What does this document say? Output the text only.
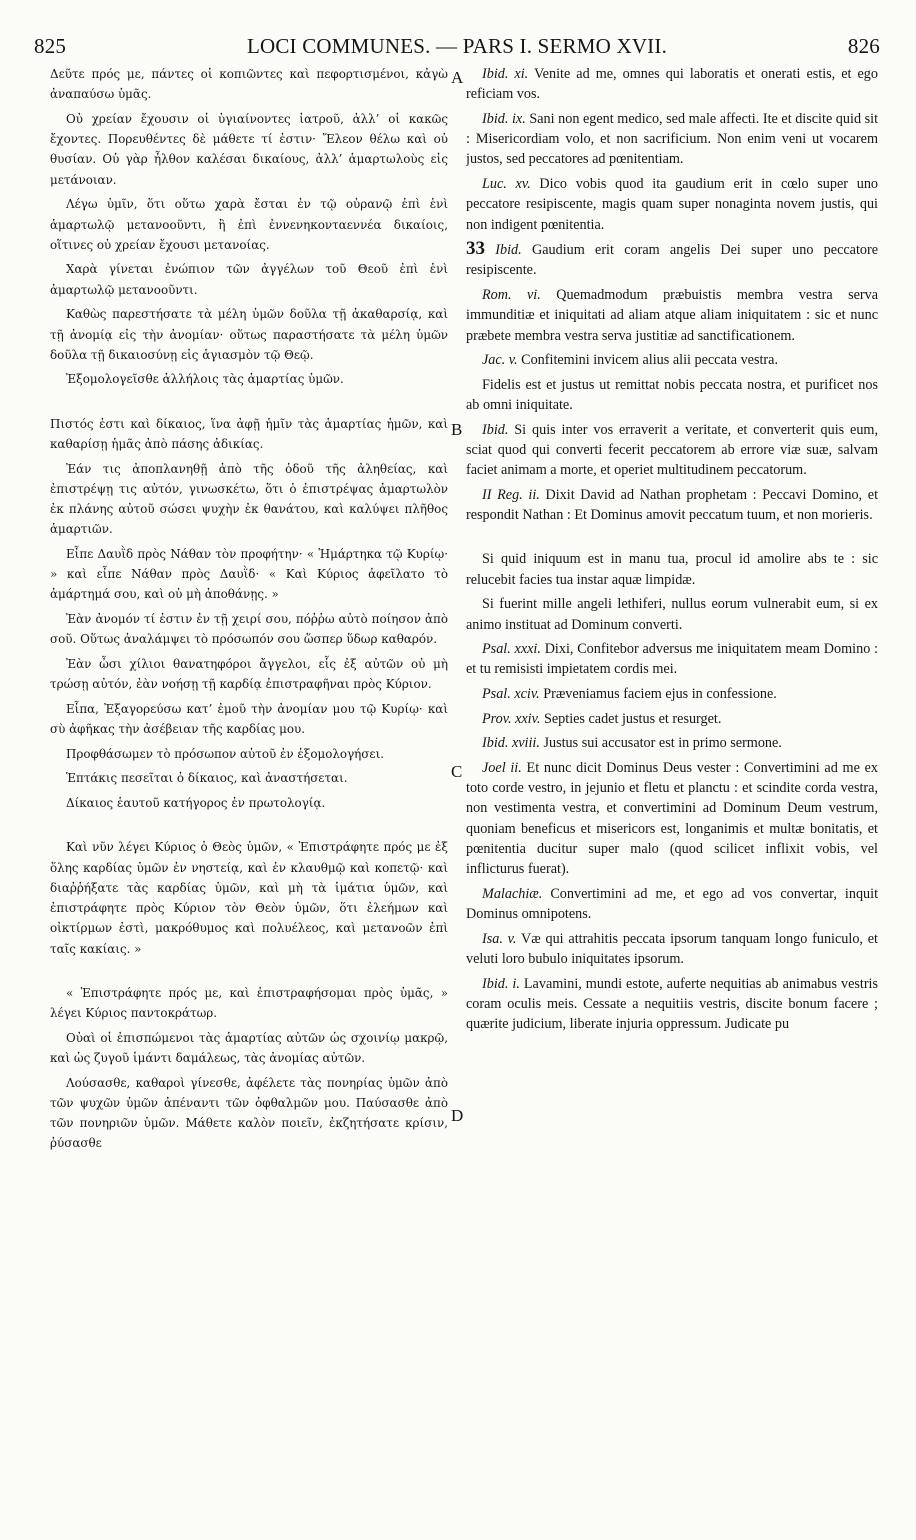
825	LOCI COMMUNES. — PARS I. SERMO XVII.	826
A
B
C
D

Δεῦτε πρός με, πάντες οἱ κοπιῶντες καὶ πεφορτισμένοι, κἀγὼ ἀναπαύσω ὑμᾶς.

Οὐ χρείαν ἔχουσιν οἱ ὑγιαίνοντες ἰατροῦ, ἀλλ’ οἱ κακῶς ἔχοντες. Πορευθέντες δὲ μάθετε τί ἐστιν· Ἔλεον θέλω καὶ οὐ θυσίαν. Οὐ γὰρ ἦλθον καλέσαι δικαίους, ἀλλ’ ἁμαρτωλοὺς εἰς μετάνοιαν.

Λέγω ὑμῖν, ὅτι οὕτω χαρὰ ἔσται ἐν τῷ οὐρανῷ ἐπὶ ἑνὶ ἁμαρτωλῷ μετανοοῦντι, ἢ ἐπὶ ἐννενηκονταεννέα δικαίοις, οἵτινες οὐ χρείαν ἔχουσι μετανοίας.

Χαρὰ γίνεται ἐνώπιον τῶν ἀγγέλων τοῦ Θεοῦ ἐπὶ ἑνὶ ἁμαρτωλῷ μετανοοῦντι.

Καθὼς παρεστήσατε τὰ μέλη ὑμῶν δοῦλα τῇ ἀκαθαρσίᾳ, καὶ τῇ ἀνομίᾳ εἰς τὴν ἀνομίαν· οὕτως παραστήσατε τὰ μέλη ὑμῶν δοῦλα τῇ δικαιοσύνῃ εἰς ἁγιασμὸν τῷ Θεῷ.

Ἐξομολογεῖσθε ἀλλήλοις τὰς ἁμαρτίας ὑμῶν.

Πιστός ἐστι καὶ δίκαιος, ἵνα ἀφῇ ἡμῖν τὰς ἁμαρτίας ἡμῶν, καὶ καθαρίσῃ ἡμᾶς ἀπὸ πάσης ἀδικίας.

Ἐάν τις ἀποπλανηθῇ ἀπὸ τῆς ὁδοῦ τῆς ἀληθείας, καὶ ἐπιστρέψῃ τις αὐτόν, γινωσκέτω, ὅτι ὁ ἐπιστρέψας ἁμαρτωλὸν ἐκ πλάνης αὐτοῦ σώσει ψυχὴν ἐκ θανάτου, καὶ καλύψει πλῆθος ἁμαρτιῶν.

Εἶπε Δαυῒδ πρὸς Νάθαν τὸν προφήτην· « Ἡμάρτηκα τῷ Κυρίῳ· » καὶ εἶπε Νάθαν πρὸς Δαυῒδ· « Καὶ Κύριος ἀφεῖλατο τὸ ἁμάρτημά σου, καὶ οὐ μὴ ἀποθάνῃς. »

Ἐὰν ἀνομόν τί ἐστιν ἐν τῇ χειρί σου, πόῤῥω αὐτὸ ποίησον ἀπὸ σοῦ. Οὕτως ἀναλάμψει τὸ πρόσωπόν σου ὥσπερ ὕδωρ καθαρόν.

Ἐὰν ὦσι χίλιοι θανατηφόροι ἄγγελοι, εἷς ἐξ αὐτῶν οὐ μὴ τρώσῃ αὐτόν, ἐὰν νοήσῃ τῇ καρδίᾳ ἐπιστραφῆναι πρὸς Κύριον.

Εἶπα, Ἐξαγορεύσω κατ’ ἐμοῦ τὴν ἀνομίαν μου τῷ Κυρίῳ· καὶ σὺ ἀφῆκας τὴν ἀσέβειαν τῆς καρδίας μου.

Προφθάσωμεν τὸ πρόσωπον αὐτοῦ ἐν ἐξομολογήσει.

Ἑπτάκις πεσεῖται ὁ δίκαιος, καὶ ἀναστήσεται.

Δίκαιος ἑαυτοῦ κατήγορος ἐν πρωτολογίᾳ.

Καὶ νῦν λέγει Κύριος ὁ Θεὸς ὑμῶν, « Ἐπιστράφητε πρός με ἐξ ὅλης καρδίας ὑμῶν ἐν νηστείᾳ, καὶ ἐν κλαυθμῷ καὶ κοπετῷ· καὶ διαῤῥήξατε τὰς καρδίας ὑμῶν, καὶ μὴ τὰ ἱμάτια ὑμῶν, καὶ ἐπιστράφητε πρὸς Κύριον τὸν Θεὸν ὑμῶν, ὅτι ἐλεήμων καὶ οἰκτίρμων ἐστὶ, μακρόθυμος καὶ πολυέλεος, καὶ μετανοῶν ἐπὶ ταῖς κακίαις. »

« Ἐπιστράφητε πρός με, καὶ ἐπιστραφήσομαι πρὸς ὑμᾶς, » λέγει Κύριος παντοκράτωρ.

Οὐαὶ οἱ ἐπισπώμενοι τὰς ἁμαρτίας αὐτῶν ὡς σχοινίῳ μακρῷ, καὶ ὡς ζυγοῦ ἱμάντι δαμάλεως, τὰς ἀνομίας αὐτῶν.

Λούσασθε, καθαροὶ γίνεσθε, ἀφέλετε τὰς πονηρίας ὑμῶν ἀπὸ τῶν ψυχῶν ὑμῶν ἀπέναντι τῶν ὀφθαλμῶν μου. Παύσασθε ἀπὸ τῶν πονηριῶν ὑμῶν. Μάθετε καλὸν ποιεῖν, ἐκζητήσατε κρίσιν, ῥύσασθε

Ibid. xi. Venite ad me, omnes qui laboratis et onerati estis, et ego reficiam vos.

Ibid. ix. Sani non egent medico, sed male affecti. Ite et discite quid sit : Misericordiam volo, et non sacrificium. Non enim veni ut vocarem justos, sed peccatores ad pœnitentiam.

Luc. xv. Dico vobis quod ita gaudium erit in cœlo super uno peccatore resipiscente, magis quam super nonaginta novem justis, qui non indigent pœnitentia.

33 Ibid. Gaudium erit coram angelis Dei super uno peccatore resipiscente.

Rom. vi. Quemadmodum præbuistis membra vestra serva immunditiæ et iniquitati ad aliam atque aliam iniquitatem : sic et nunc præbete membra vestra serva justitiæ ad sanctificationem.

Jac. v. Confitemini invicem alius alii peccata vestra.

Fidelis est et justus ut remittat nobis peccata nostra, et purificet nos ab omni iniquitate.

Ibid. Si quis inter vos erraverit a veritate, et converterit quis eum, sciat quod qui converti fecerit peccatorem ab errore viæ suæ, salvam faciet animam a morte, et operiet multitudinem peccatorum.

II Reg. ii. Dixit David ad Nathan prophetam : Peccavi Domino, et respondit Nathan : Et Dominus amovit peccatum tuum, et non morieris.

Si quid iniquum est in manu tua, procul id amolire abs te : sic relucebit facies tua instar aquæ limpidæ.

Si fuerint mille angeli lethiferi, nullus eorum vulnerabit eum, si ex animo instituat ad Dominum converti.

Psal. xxxi. Dixi, Confitebor adversus me iniquitatem meam Domino : et tu remisisti impietatem cordis mei.

Psal. xciv. Præveniamus faciem ejus in confessione.

Prov. xxiv. Septies cadet justus et resurget.

Ibid. xviii. Justus sui accusator est in primo sermone.

Joel ii. Et nunc dicit Dominus Deus vester : Convertimini ad me ex toto corde vestro, in jejunio et fletu et planctu : et scindite corda vestra, non vestimenta vestra, et convertimini ad Dominum Deum vestrum, quoniam beneficus et misericors est, longanimis et multæ bonitatis, et pœnitentia ducitur super malo (quod scilicet inflixit vobis, vel inflicturus fuerat).

Malachiæ. Convertimini ad me, et ego ad vos convertar, inquit Dominus omnipotens.

Isa. v. Væ qui attrahitis peccata ipsorum tanquam longo funiculo, et veluti loro bubulo iniquitates ipsorum.

Ibid. i. Lavamini, mundi estote, auferte nequitias ab animabus vestris coram oculis meis. Cessate a nequitiis vestris, discite bonum facere ; quærite judicium, liberate injuria oppressum. Judicate pu
